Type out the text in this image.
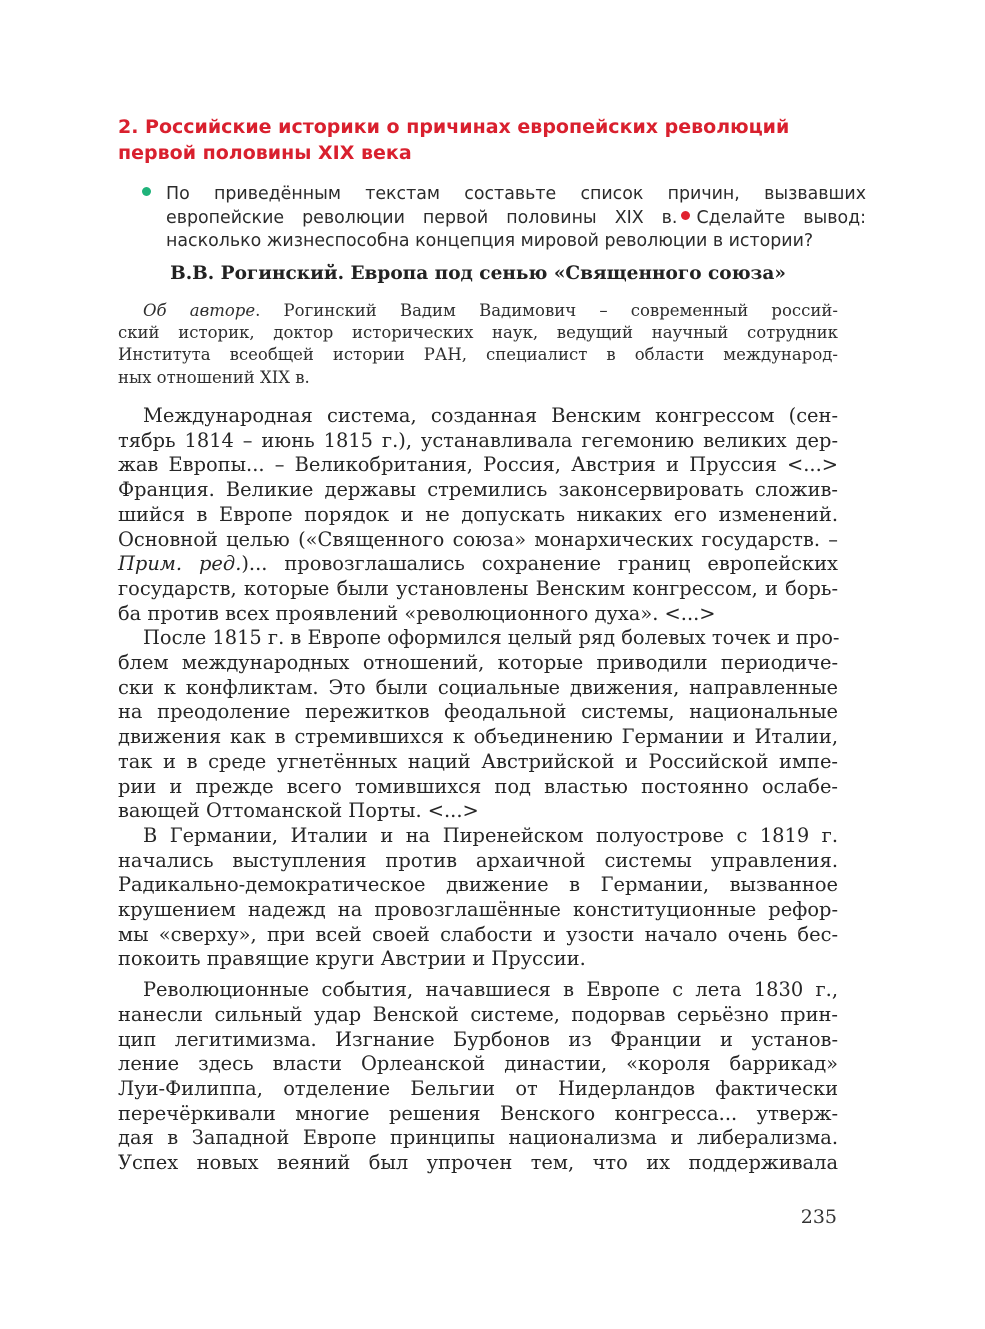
2. Российские историки о причинах европейских революций
первой половины XIX века
По приведённым текстам составьте список причин, вызвавших
европейские революции первой половины XIX в. Сделайте вывод:
насколько жизнеспособна концепция мировой революции в истории?
В.В. Рогинский. Европа под сенью «Священного союза»
Об авторе. Рогинский Вадим Вадимович – современный россий-
ский историк, доктор исторических наук, ведущий научный сотрудник
Института всеобщей истории РАН, специалист в области международ-
ных отношений XIX в.
Международная система, созданная Венским конгрессом (сен-
тябрь 1814 – июнь 1815 г.), устанавливала гегемонию великих дер-
жав Европы... – Великобритания, Россия, Австрия и Пруссия <...>
Франция. Великие державы стремились законсервировать сложив-
шийся в Европе порядок и не допускать никаких его изменений.
Основной целью («Священного союза» монархических государств. –
Прим. ред.)... провозглашались сохранение границ европейских
государств, которые были установлены Венским конгрессом, и борь-
ба против всех проявлений «революционного духа». <...>
После 1815 г. в Европе оформился целый ряд болевых точек и про-
блем международных отношений, которые приводили периодиче-
ски к конфликтам. Это были социальные движения, направленные
на преодоление пережитков феодальной системы, национальные
движения как в стремившихся к объединению Германии и Италии,
так и в среде угнетённых наций Австрийской и Российской импе-
рии и прежде всего томившихся под властью постоянно ослабе-
вающей Оттоманской Порты. <...>
В Германии, Италии и на Пиренейском полуострове с 1819 г.
начались выступления против архаичной системы управления.
Радикально-демократическое движение в Германии, вызванное
крушением надежд на провозглашённые конституционные рефор-
мы «сверху», при всей своей слабости и узости начало очень бес-
покоить правящие круги Австрии и Пруссии.
Революционные события, начавшиеся в Европе с лета 1830 г.,
нанесли сильный удар Венской системе, подорвав серьёзно прин-
цип легитимизма. Изгнание Бурбонов из Франции и установ-
ление здесь власти Орлеанской династии, «короля баррикад»
Луи-Филиппа, отделение Бельгии от Нидерландов фактически
перечёркивали многие решения Венского конгресса... утверж-
дая в Западной Европе принципы национализма и либерализма.
Успех новых веяний был упрочен тем, что их поддерживала
235
